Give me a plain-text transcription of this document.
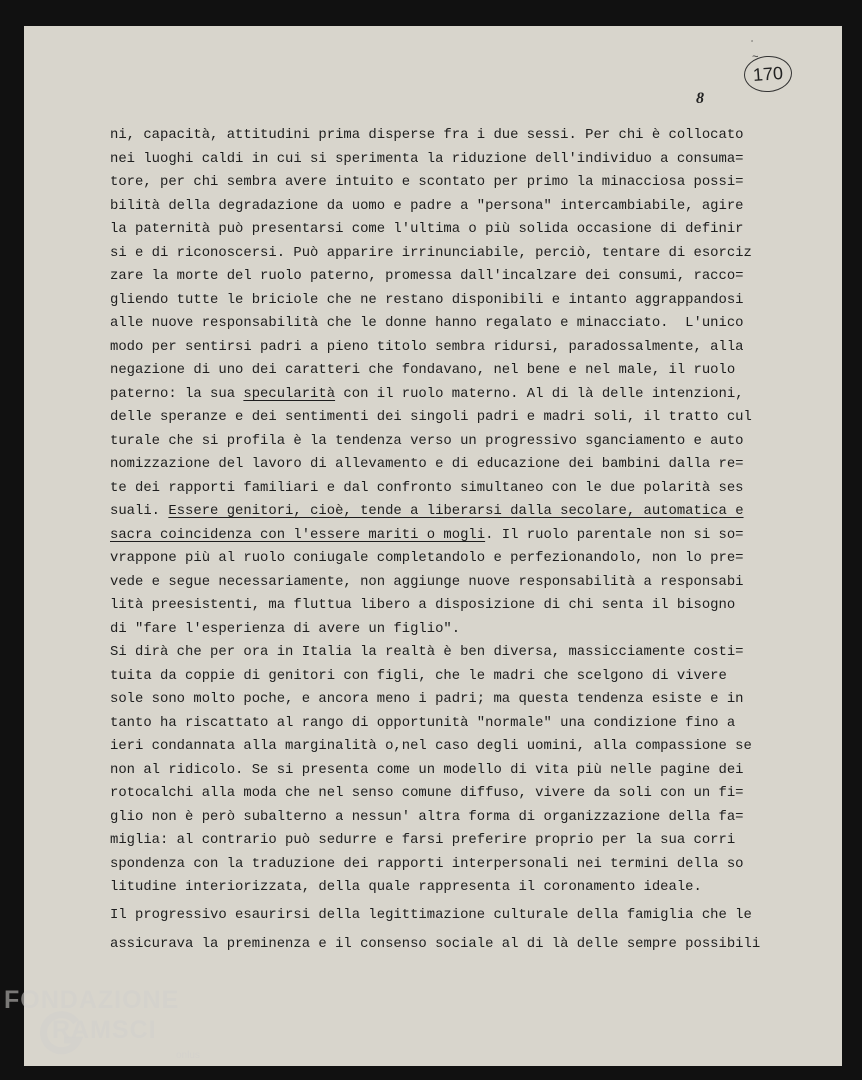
͗ ~
170
8
ni, capacità, attitudini prima disperse fra i due sessi. Per chi è collocato
nei luoghi caldi in cui si sperimenta la riduzione dell'individuo a consuma=
tore, per chi sembra avere intuito e scontato per primo la minacciosa possi=
bilità della degradazione da uomo e padre a "persona" intercambiabile, agire
la paternità può presentarsi come l'ultima o più solida occasione di definir
si e di riconoscersi. Può apparire irrinunciabile, perciò, tentare di esorciz
zare la morte del ruolo paterno, promessa dall'incalzare dei consumi, racco=
gliendo tutte le briciole che ne restano disponibili e intanto aggrappandosi
alle nuove responsabilità che le donne hanno regalato e minacciato.  L'unico
modo per sentirsi padri a pieno titolo sembra ridursi, paradossalmente, alla
negazione di uno dei caratteri che fondavano, nel bene e nel male, il ruolo
paterno: la sua specularità con il ruolo materno. Al di là delle intenzioni,
delle speranze e dei sentimenti dei singoli padri e madri soli, il tratto cul
turale che si profila è la tendenza verso un progressivo sganciamento e auto
nomizzazione del lavoro di allevamento e di educazione dei bambini dalla re=
te dei rapporti familiari e dal confronto simultaneo con le due polarità ses
suali. Essere genitori, cioè, tende a liberarsi dalla secolare, automatica e
sacra coincidenza con l'essere mariti o mogli. Il ruolo parentale non si so=
vrappone più al ruolo coniugale completandolo e perfezionandolo, non lo pre=
vede e segue necessariamente, non aggiunge nuove responsabilità a responsabi
lità preesistenti, ma fluttua libero a disposizione di chi senta il bisogno
di "fare l'esperienza di avere un figlio".
Si dirà che per ora in Italia la realtà è ben diversa, massicciamente costi=
tuita da coppie di genitori con figli, che le madri che scelgono di vivere
sole sono molto poche, e ancora meno i padri; ma questa tendenza esiste e in
tanto ha riscattato al rango di opportunità "normale" una condizione fino a
ieri condannata alla marginalità o,nel caso degli uomini, alla compassione se
non al ridicolo. Se si presenta come un modello di vita più nelle pagine dei
rotocalchi alla moda che nel senso comune diffuso, vivere da soli con un fi=
glio non è però subalterno a nessun' altra forma di organizzazione della fa=
miglia: al contrario può sedurre e farsi preferire proprio per la sua corri
spondenza con la traduzione dei rapporti interpersonali nei termini della so
litudine interiorizzata, della quale rappresenta il coronamento ideale.
Il progressivo esaurirsi della legittimazione culturale della famiglia che le
assicurava la preminenza e il consenso sociale al di là delle sempre possibili
FONDAZIONE
RAMSCI
onlus
